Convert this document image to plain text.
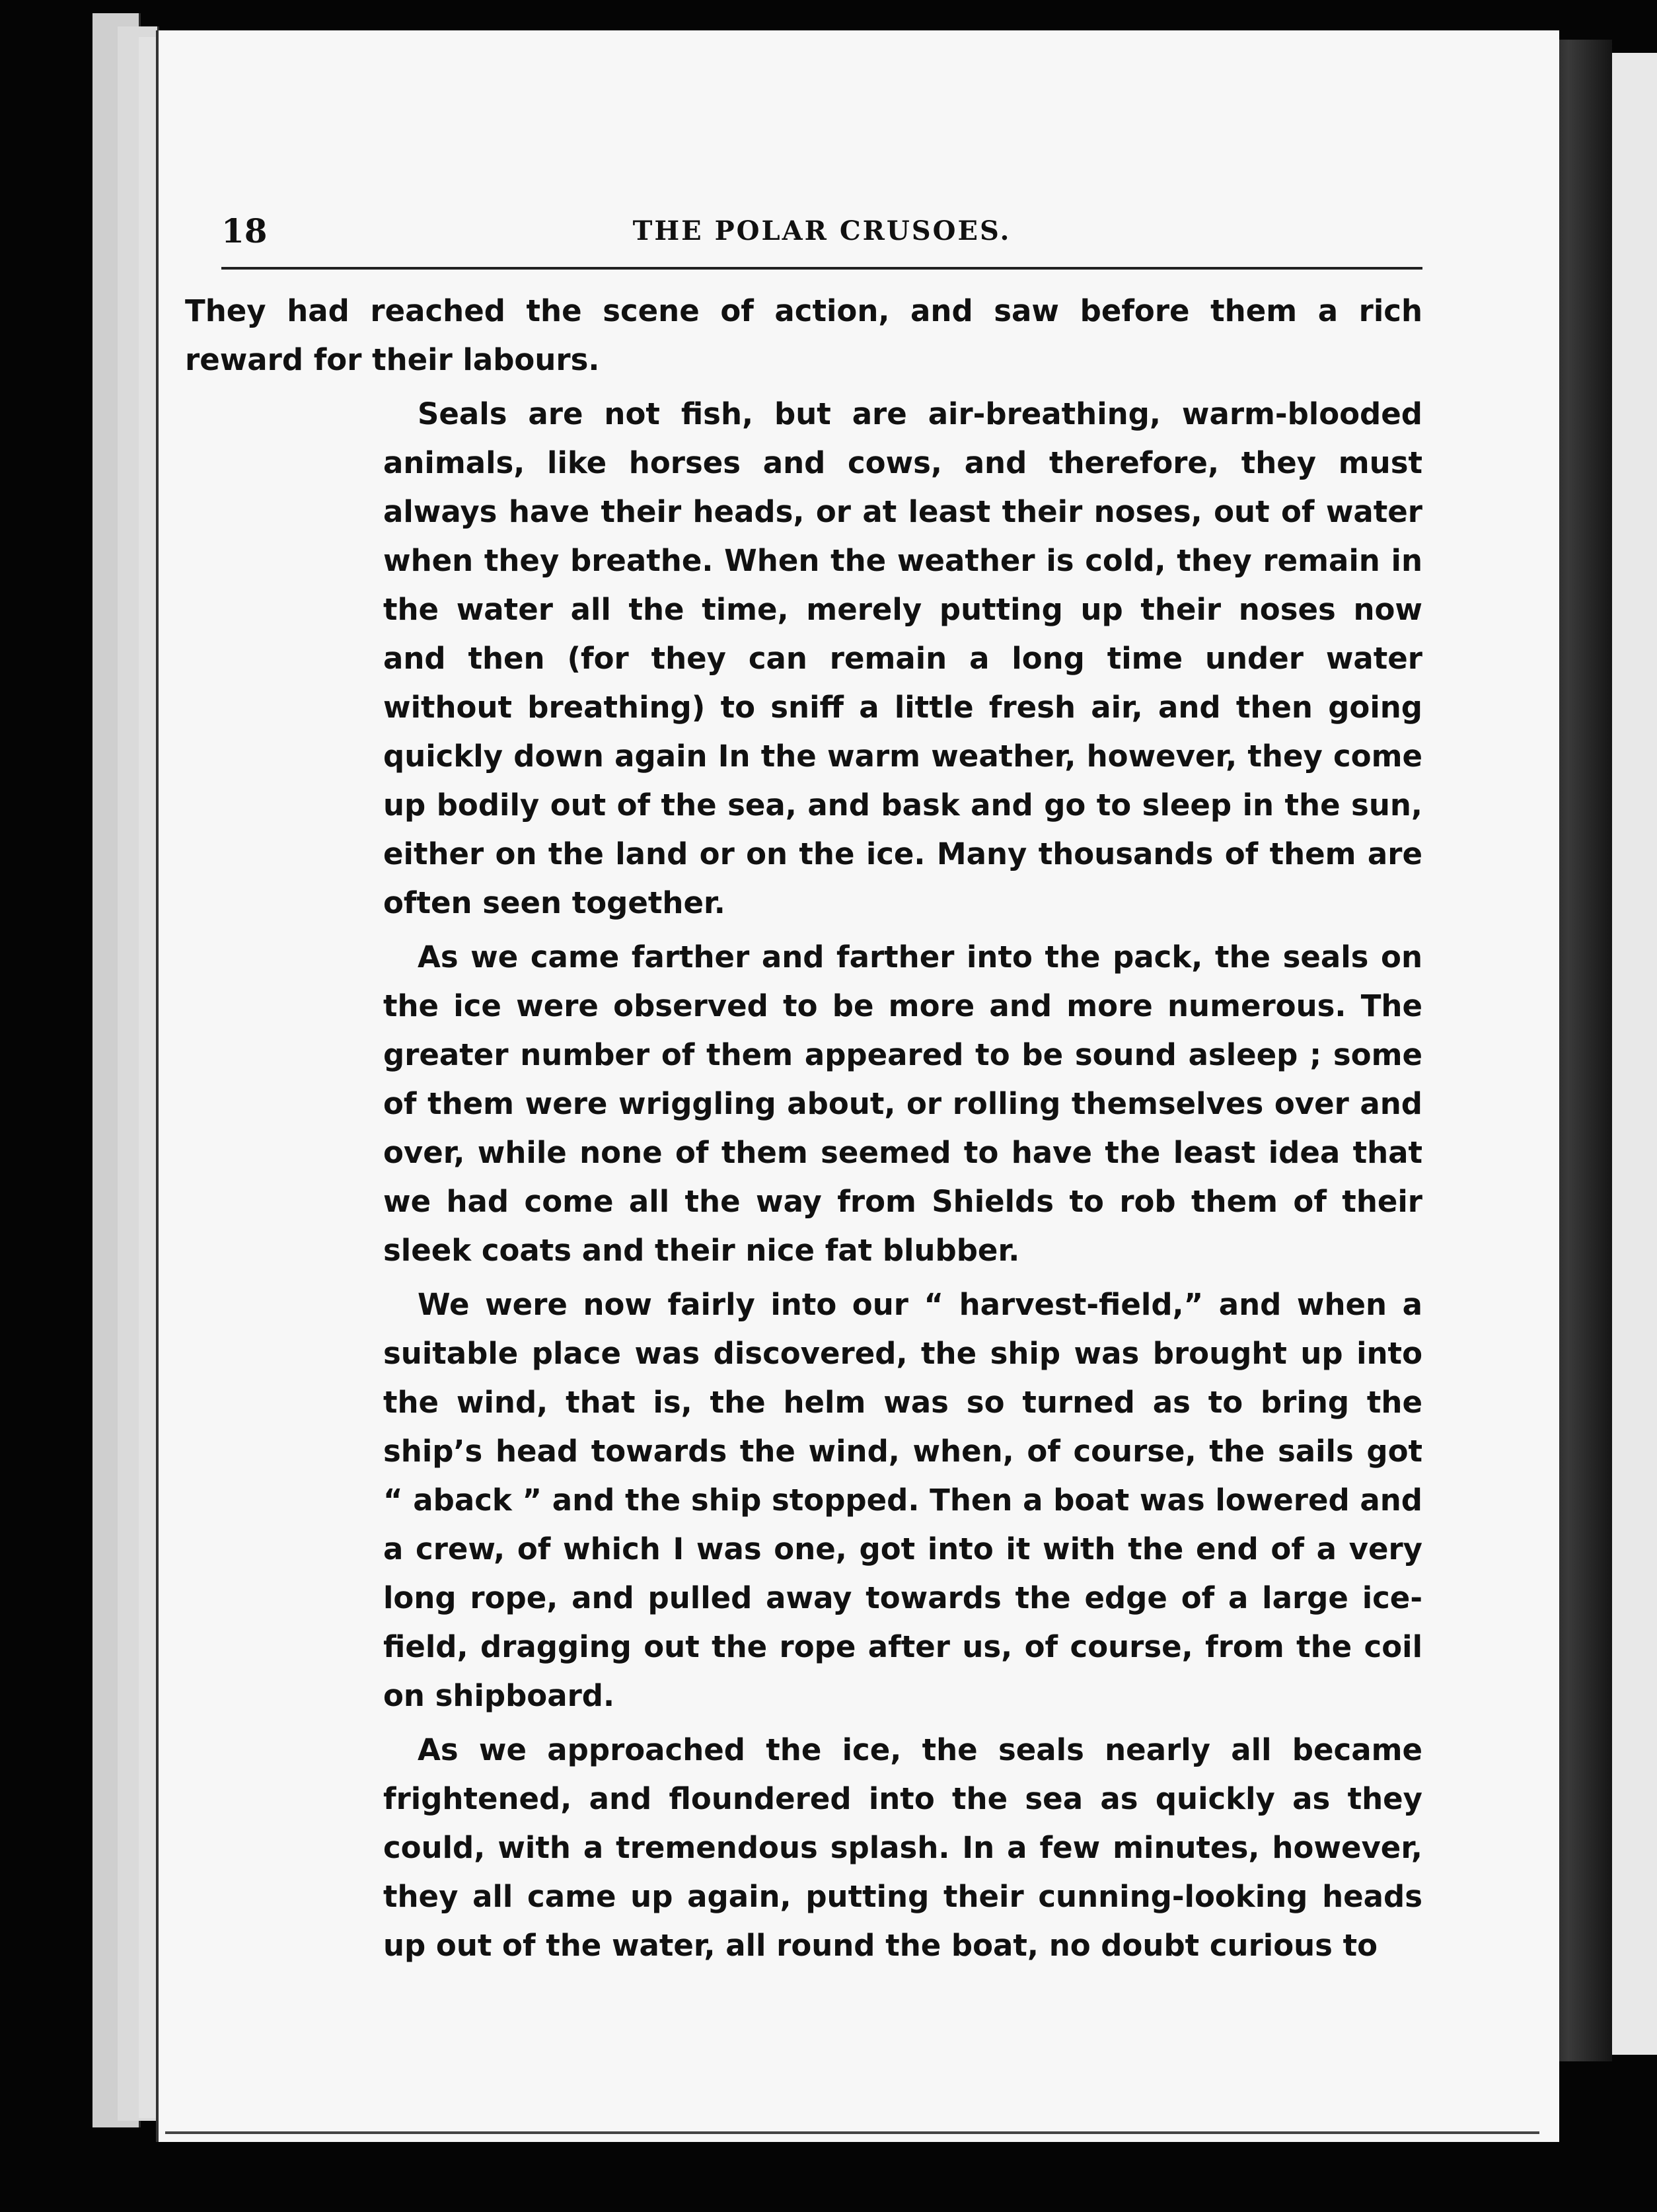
18	THE POLAR CRUSOES.

They had reached the scene of action, and saw before them a rich reward for their labours.

Seals are not fish, but are air-breathing, warm-blooded animals, like horses and cows, and therefore, they must always have their heads, or at least their noses, out of water when they breathe. When the weather is cold, they remain in the water all the time, merely putting up their noses now and then (for they can remain a long time under water without breathing) to sniff a little fresh air, and then going quickly down again In the warm weather, however, they come up bodily out of the sea, and bask and go to sleep in the sun, either on the land or on the ice. Many thousands of them are often seen together.

As we came farther and farther into the pack, the seals on the ice were observed to be more and more numerous. The greater number of them appeared to be sound asleep ; some of them were wriggling about, or rolling themselves over and over, while none of them seemed to have the least idea that we had come all the way from Shields to rob them of their sleek coats and their nice fat blubber.

We were now fairly into our “ harvest-field,” and when a suitable place was discovered, the ship was brought up into the wind, that is, the helm was so turned as to bring the ship’s head towards the wind, when, of course, the sails got “ aback ” and the ship stopped. Then a boat was lowered and a crew, of which I was one, got into it with the end of a very long rope, and pulled away towards the edge of a large ice-field, dragging out the rope after us, of course, from the coil on shipboard.

As we approached the ice, the seals nearly all became frightened, and floundered into the sea as quickly as they could, with a tremendous splash. In a few minutes, however, they all came up again, putting their cunning-looking heads up out of the water, all round the boat, no doubt curious to
